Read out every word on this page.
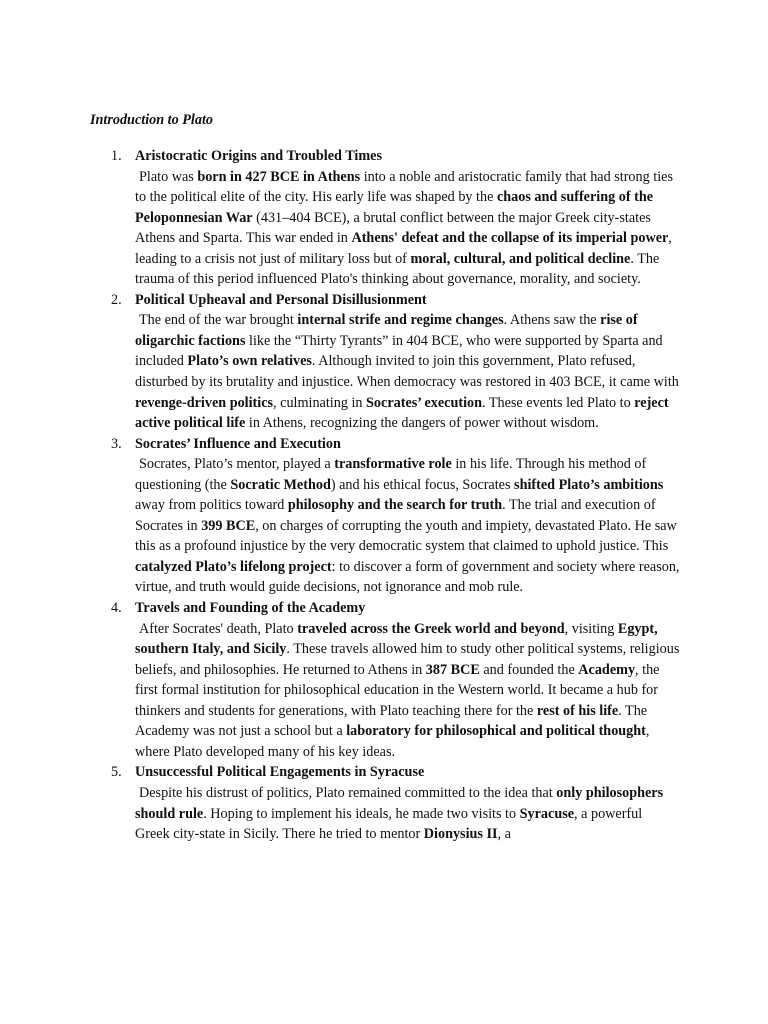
Introduction to Plato
1. Aristocratic Origins and Troubled Times
Plato was born in 427 BCE in Athens into a noble and aristocratic family that had strong ties to the political elite of the city. His early life was shaped by the chaos and suffering of the Peloponnesian War (431–404 BCE), a brutal conflict between the major Greek city-states Athens and Sparta. This war ended in Athens' defeat and the collapse of its imperial power, leading to a crisis not just of military loss but of moral, cultural, and political decline. The trauma of this period influenced Plato's thinking about governance, morality, and society.
2. Political Upheaval and Personal Disillusionment
The end of the war brought internal strife and regime changes. Athens saw the rise of oligarchic factions like the “Thirty Tyrants” in 404 BCE, who were supported by Sparta and included Plato’s own relatives. Although invited to join this government, Plato refused, disturbed by its brutality and injustice. When democracy was restored in 403 BCE, it came with revenge-driven politics, culminating in Socrates’ execution. These events led Plato to reject active political life in Athens, recognizing the dangers of power without wisdom.
3. Socrates’ Influence and Execution
Socrates, Plato’s mentor, played a transformative role in his life. Through his method of questioning (the Socratic Method) and his ethical focus, Socrates shifted Plato’s ambitions away from politics toward philosophy and the search for truth. The trial and execution of Socrates in 399 BCE, on charges of corrupting the youth and impiety, devastated Plato. He saw this as a profound injustice by the very democratic system that claimed to uphold justice. This catalyzed Plato’s lifelong project: to discover a form of government and society where reason, virtue, and truth would guide decisions, not ignorance and mob rule.
4. Travels and Founding of the Academy
After Socrates' death, Plato traveled across the Greek world and beyond, visiting Egypt, southern Italy, and Sicily. These travels allowed him to study other political systems, religious beliefs, and philosophies. He returned to Athens in 387 BCE and founded the Academy, the first formal institution for philosophical education in the Western world. It became a hub for thinkers and students for generations, with Plato teaching there for the rest of his life. The Academy was not just a school but a laboratory for philosophical and political thought, where Plato developed many of his key ideas.
5. Unsuccessful Political Engagements in Syracuse
Despite his distrust of politics, Plato remained committed to the idea that only philosophers should rule. Hoping to implement his ideals, he made two visits to Syracuse, a powerful Greek city-state in Sicily. There he tried to mentor Dionysius II, a
